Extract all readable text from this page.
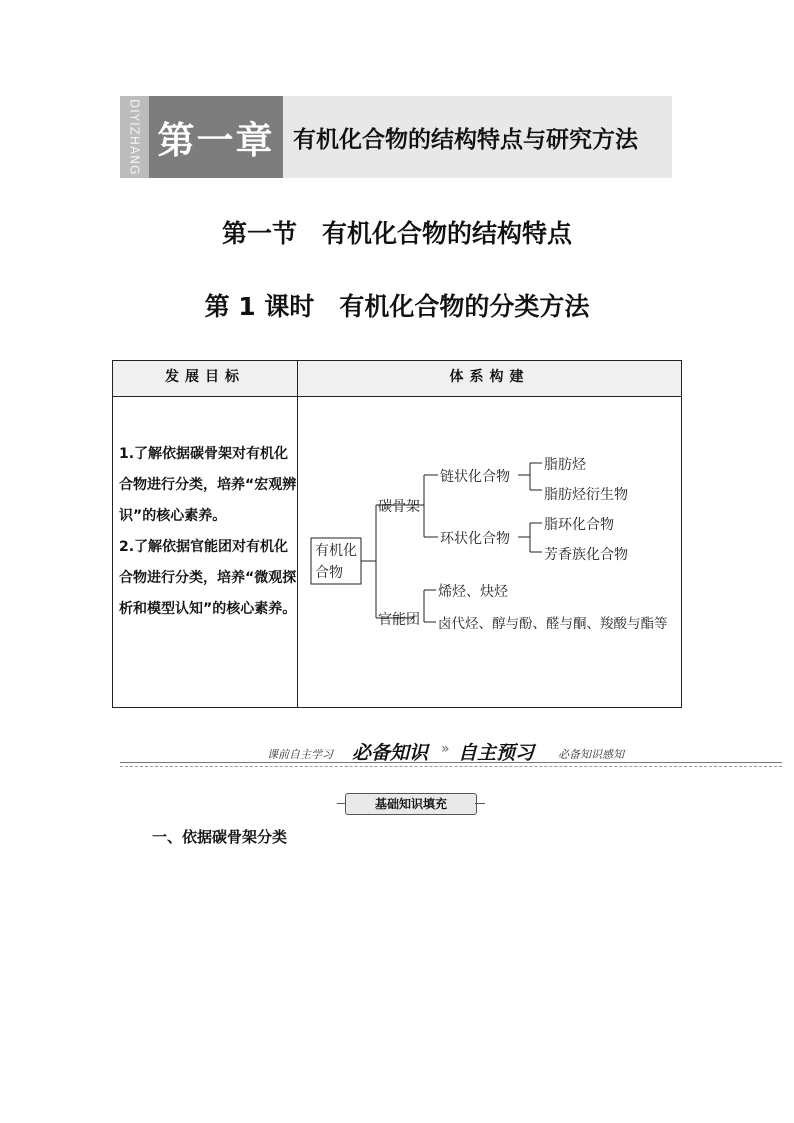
DIYIZHANG 第一章 有机化合物的结构特点与研究方法
第一节　有机化合物的结构特点
第 1 课时　有机化合物的分类方法
发展目标	体系构建

1.了解依据碳骨架对有机化合物进行分类，培养“宏观辨识”的核心素养。

2.了解依据官能团对有机化合物进行分类，培养“微观探析和模型认知”的核心素养。

有机化
合物
碳骨架
官能团
链状化合物
环状化合物
脂肪烃
脂肪烃衍生物
脂环化合物
芳香族化合物
烯烃、炔烃
卤代烃、醇与酚、醛与酮、羧酸与酯等
课前自主学习 必备知识 » 自主预习 必备知识感知
基础知识填充
一、依据碳骨架分类
